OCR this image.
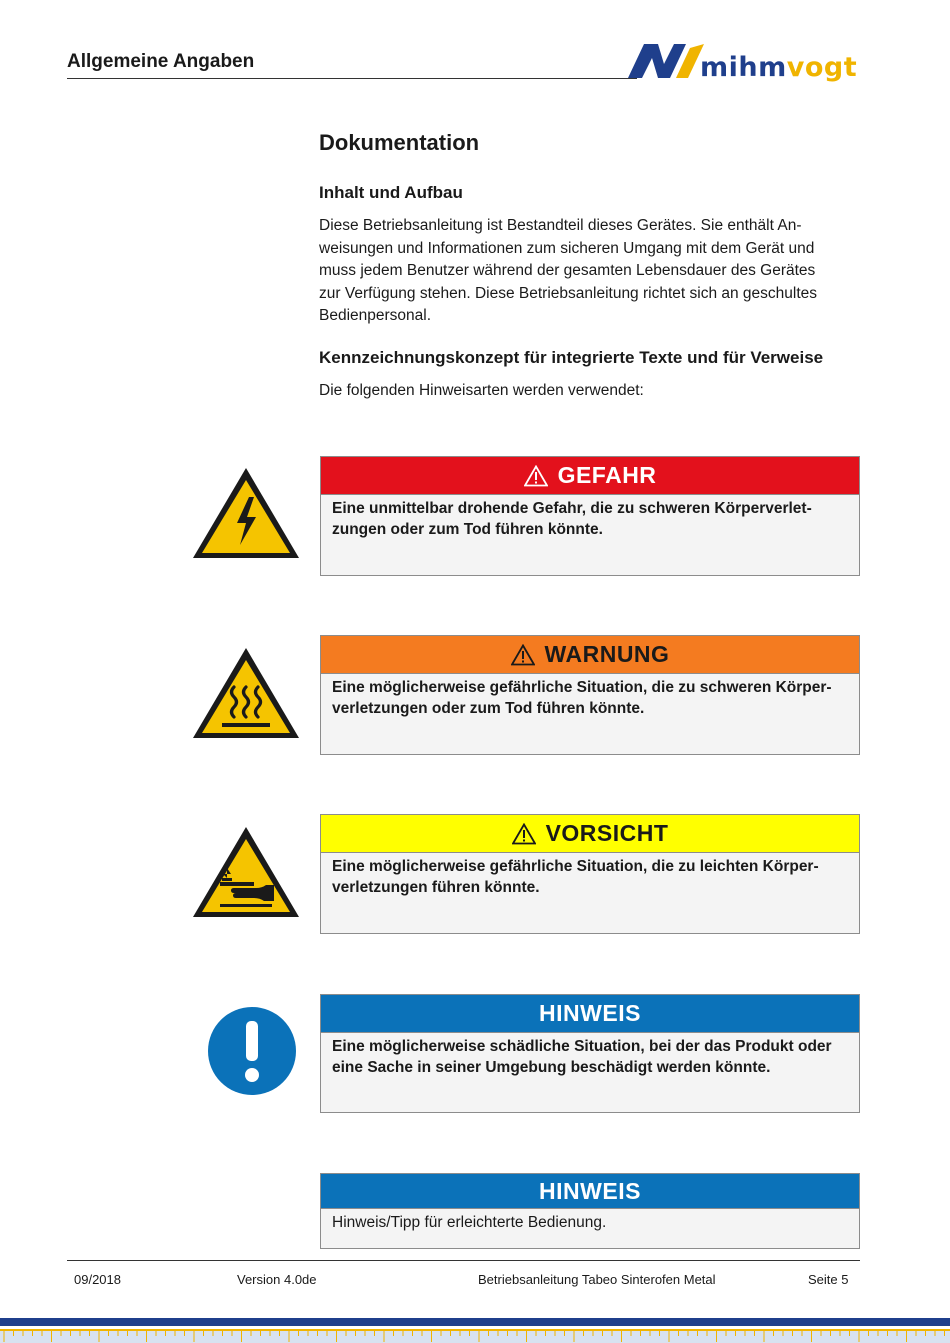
Allgemeine Angaben	mihmvogt
Dokumentation
Inhalt und Aufbau
Diese Betriebsanleitung ist Bestandteil dieses Gerätes. Sie enthält An-
weisungen und Informationen zum sicheren Umgang mit dem Gerät und
muss jedem Benutzer während der gesamten Lebensdauer des Gerätes
zur Verfügung stehen. Diese Betriebsanleitung richtet sich an geschultes
Bedienpersonal.
Kennzeichnungskonzept für integrierte Texte und für Verweise
Die folgenden Hinweisarten werden verwendet:
GEFAHR
Eine unmittelbar drohende Gefahr, die zu schweren Körperverlet-
zungen oder zum Tod führen könnte.
WARNUNG
Eine möglicherweise gefährliche Situation, die zu schweren Körper-
verletzungen oder zum Tod führen könnte.
VORSICHT
Eine möglicherweise gefährliche Situation, die zu leichten Körper-
verletzungen führen könnte.
HINWEIS
Eine möglicherweise schädliche Situation, bei der das Produkt oder
eine Sache in seiner Umgebung beschädigt werden könnte.
HINWEIS
Hinweis/Tipp für erleichterte Bedienung.
09/2018	Version 4.0de	Betriebsanleitung Tabeo Sinterofen Metal	Seite 5
